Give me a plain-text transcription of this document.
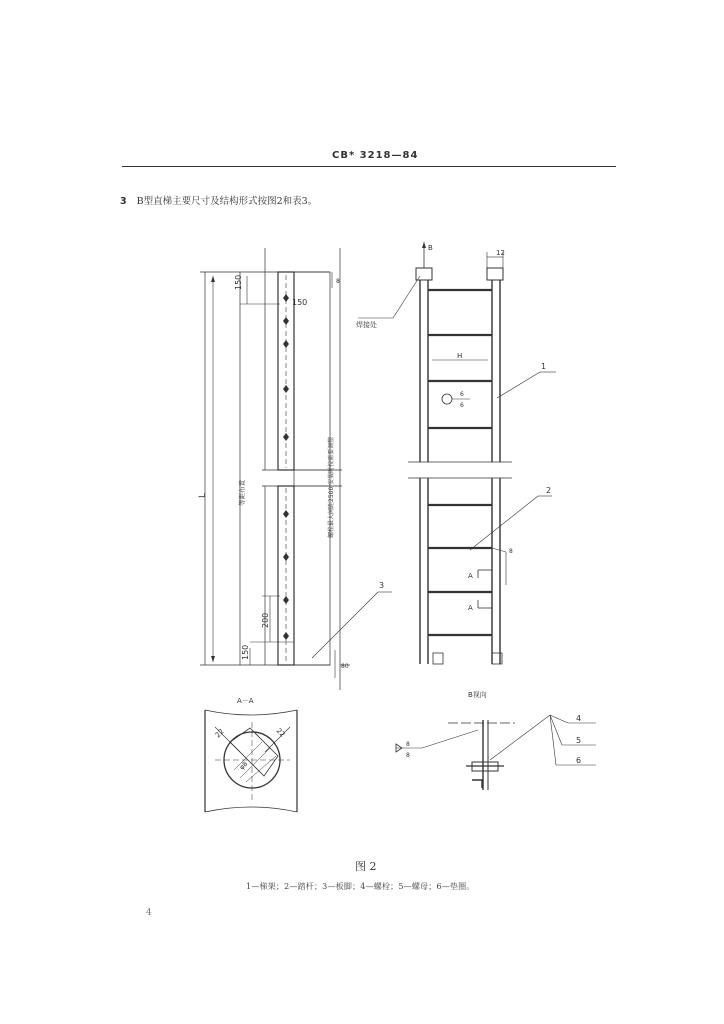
CB* 3218—84
3 B型直梯主要尺寸及结构形式按图2和表3。
150
150
8
L	等距布置	螺栓最大间距2500 安装时按需要调整
200
150
80
3
B
12
焊接处
H
1
2
6
6
8
A
A
A－A
22	22
φ8
B视向
8
8
4
5
6
图 2
1—梯架；2—踏杆；3—板脚；4—螺栓；5—螺母；6—垫圈。
4
